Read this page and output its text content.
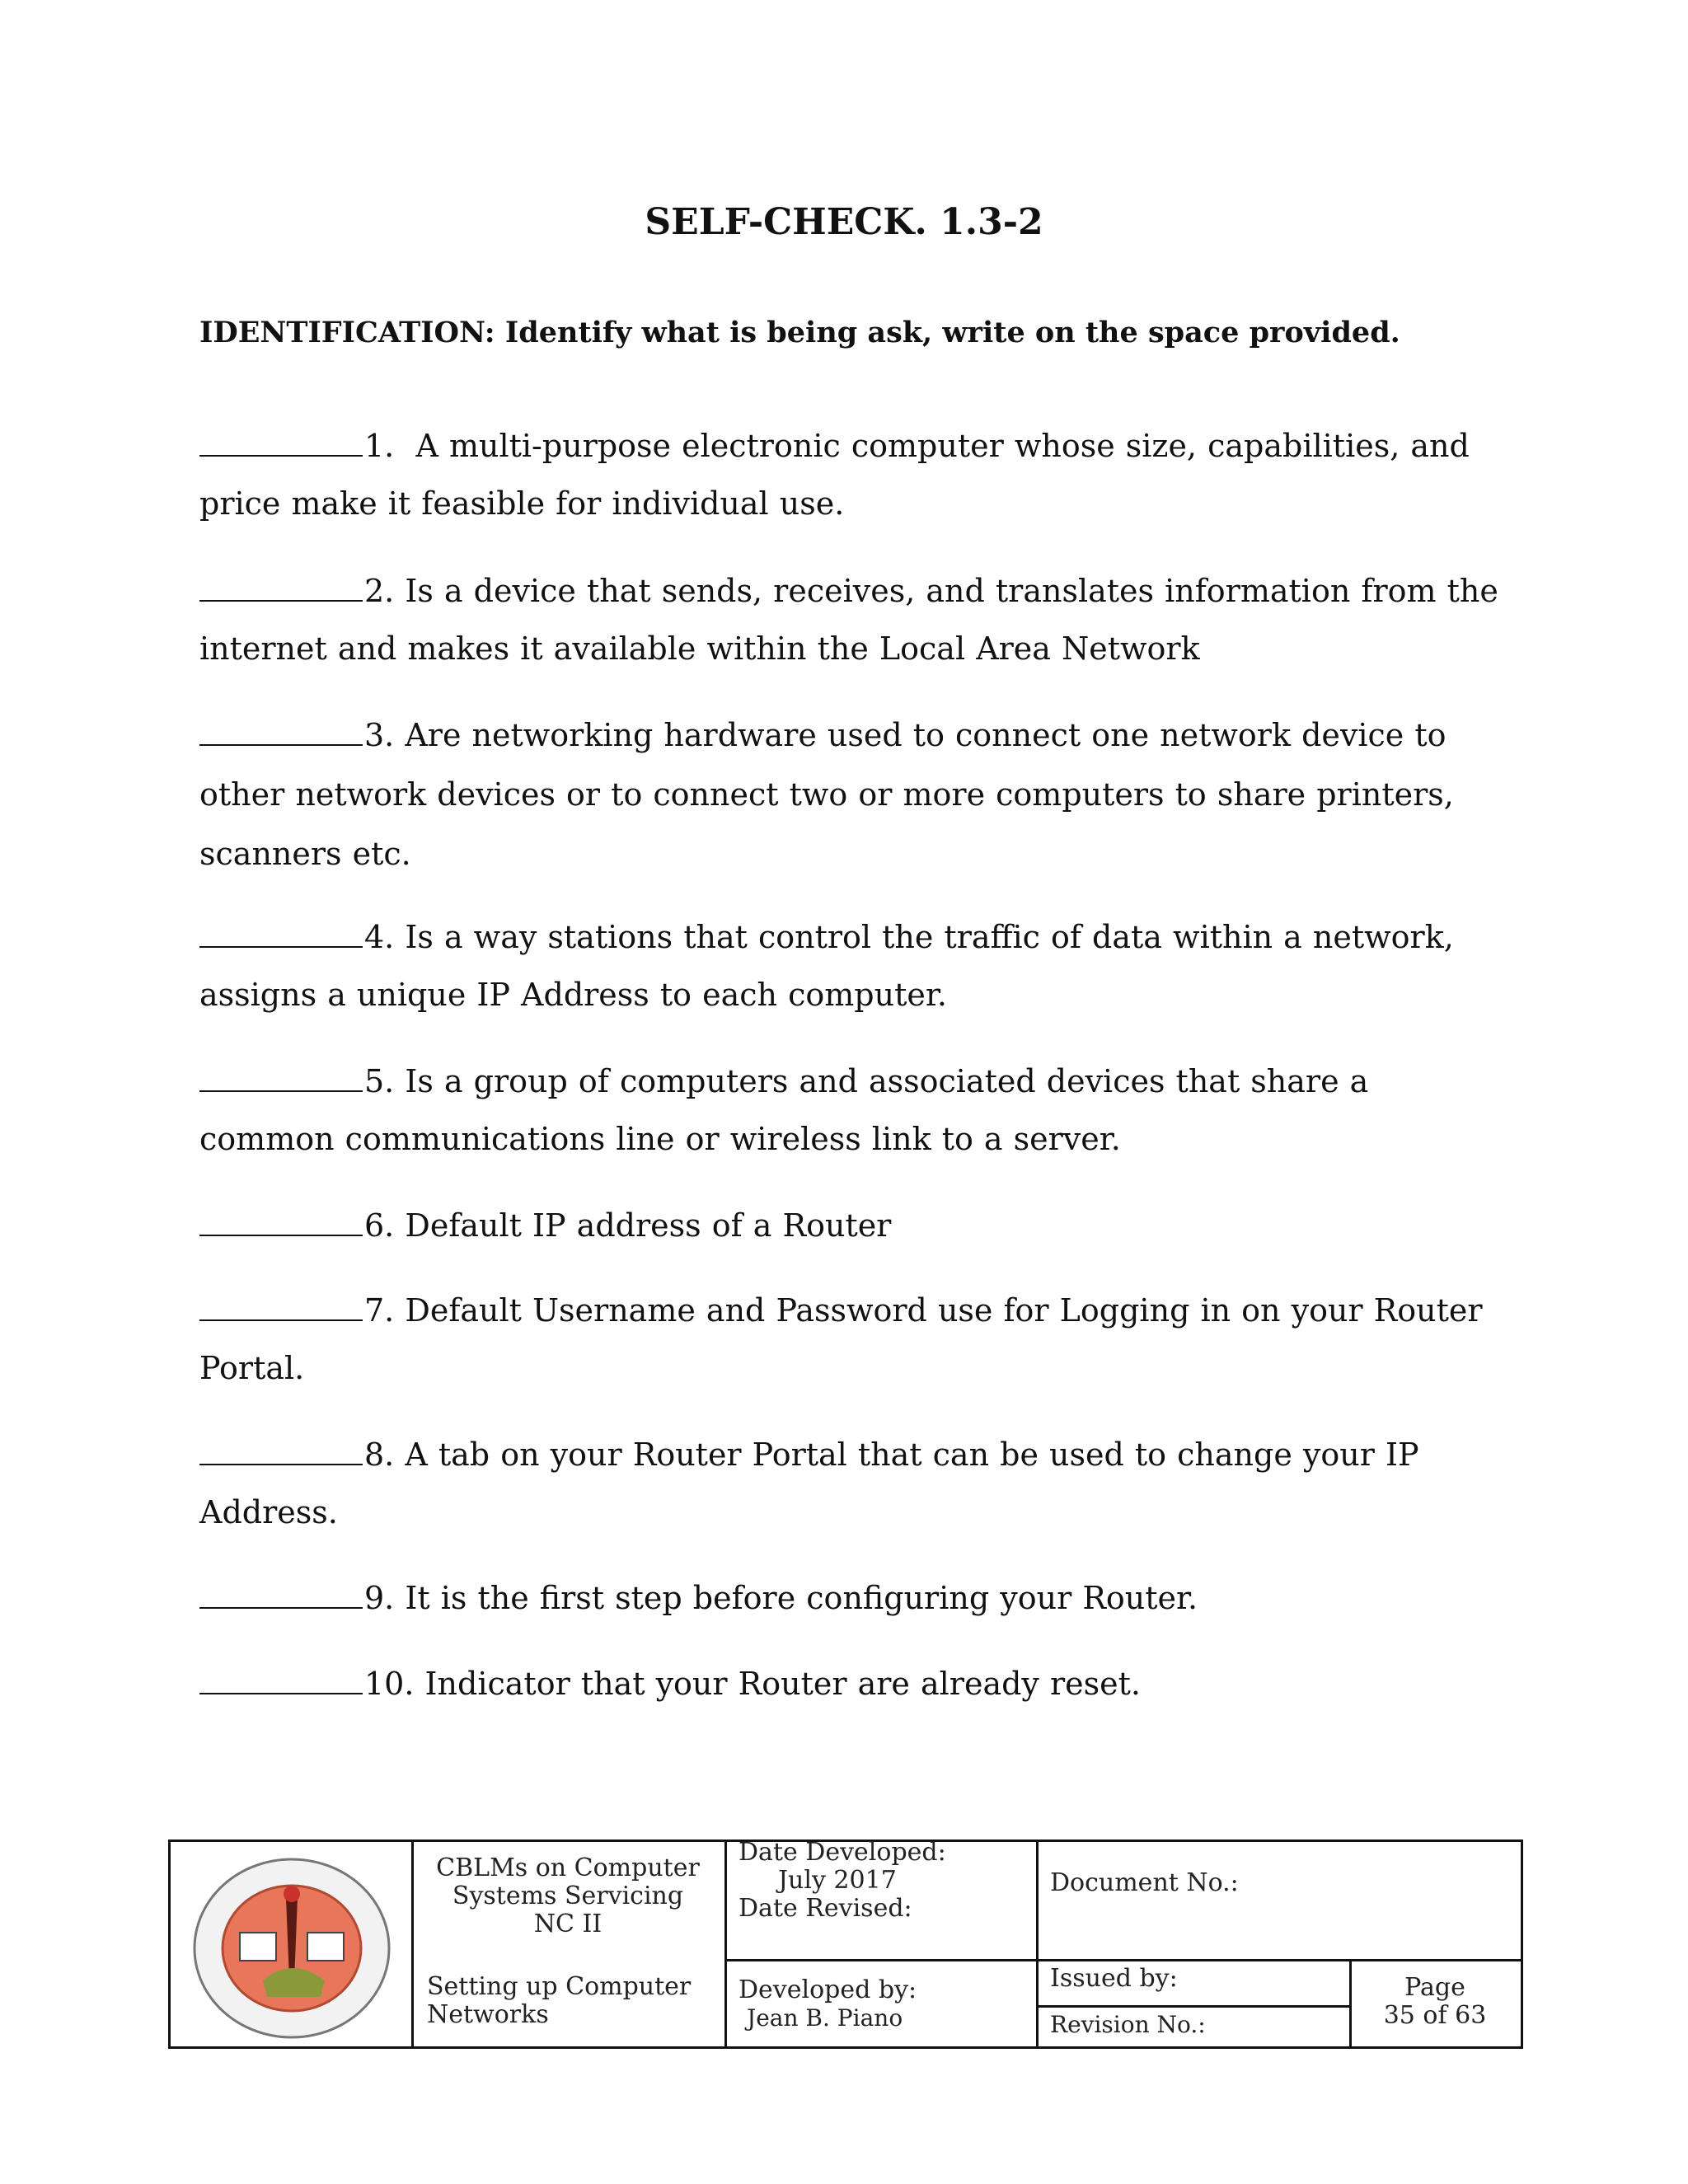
SELF-CHECK. 1.3-2
IDENTIFICATION: Identify what is being ask, write on the space provided.
1. A multi-purpose electronic computer whose size, capabilities, and price make it feasible for individual use.
2. Is a device that sends, receives, and translates information from the internet and makes it available within the Local Area Network
3. Are networking hardware used to connect one network device to other network devices or to connect two or more computers to share printers, scanners etc.
4. Is a way stations that control the traffic of data within a network, assigns a unique IP Address to each computer.
5. Is a group of computers and associated devices that share a common communications line or wireless link to a server.
6. Default IP address of a Router
7. Default Username and Password use for Logging in on your Router Portal.
8. A tab on your Router Portal that can be used to change your IP Address.
9. It is the first step before configuring your Router.
10. Indicator that your Router are already reset.
CBLMs on Computer
Systems Servicing
NC II
Setting up Computer
Networks
Date Developed:
July 2017
Date Revised:
Developed by:
Jean B. Piano
Document No.:
Issued by:
Revision No.:
Page
35 of 63
